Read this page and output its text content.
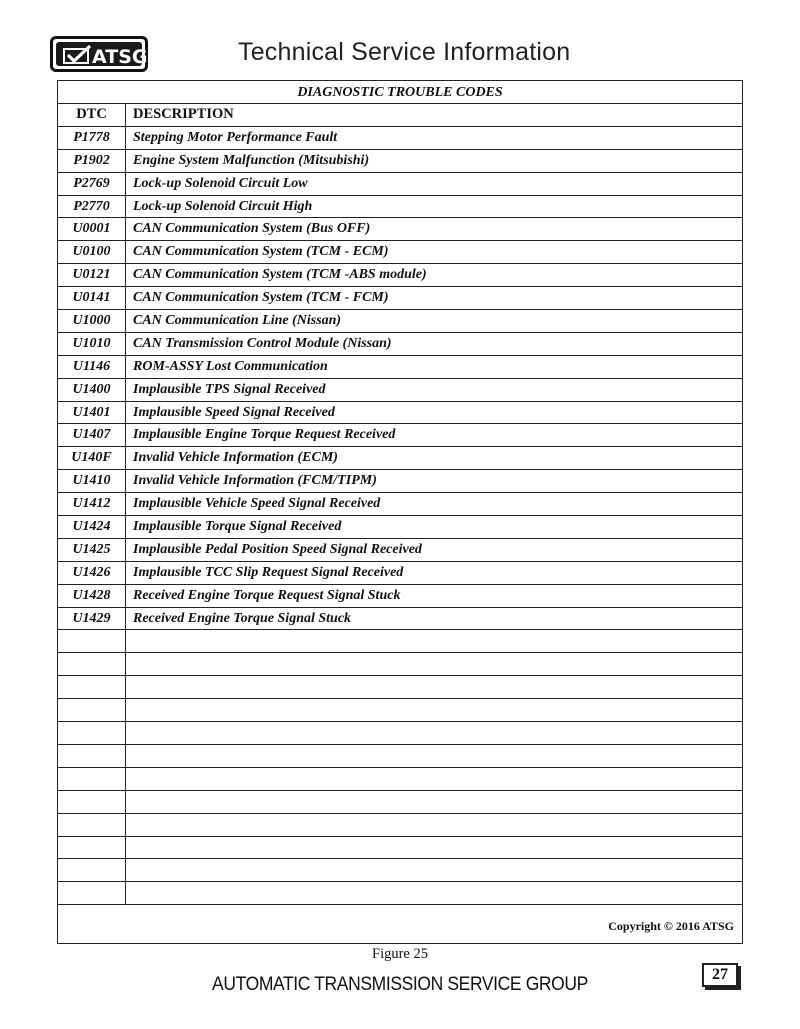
ATSG	Technical Service Information
DIAGNOSTIC TROUBLE CODES
DTC	DESCRIPTION
P1778	Stepping Motor Performance Fault
P1902	Engine System Malfunction (Mitsubishi)
P2769	Lock-up Solenoid Circuit Low
P2770	Lock-up Solenoid Circuit High
U0001	CAN Communication System (Bus OFF)
U0100	CAN Communication System (TCM - ECM)
U0121	CAN Communication System (TCM -ABS module)
U0141	CAN Communication System (TCM - FCM)
U1000	CAN Communication Line (Nissan)
U1010	CAN Transmission Control Module (Nissan)
U1146	ROM-ASSY Lost Communication
U1400	Implausible TPS Signal Received
U1401	Implausible Speed Signal Received
U1407	Implausible Engine Torque Request Received
U140F	Invalid Vehicle Information (ECM)
U1410	Invalid Vehicle Information (FCM/TIPM)
U1412	Implausible Vehicle Speed Signal Received
U1424	Implausible Torque Signal Received
U1425	Implausible Pedal Position Speed Signal Received
U1426	Implausible TCC Slip Request Signal Received
U1428	Received Engine Torque Request Signal Stuck
U1429	Received Engine Torque Signal Stuck
Copyright © 2016 ATSG
Figure 25
AUTOMATIC TRANSMISSION SERVICE GROUP	27
